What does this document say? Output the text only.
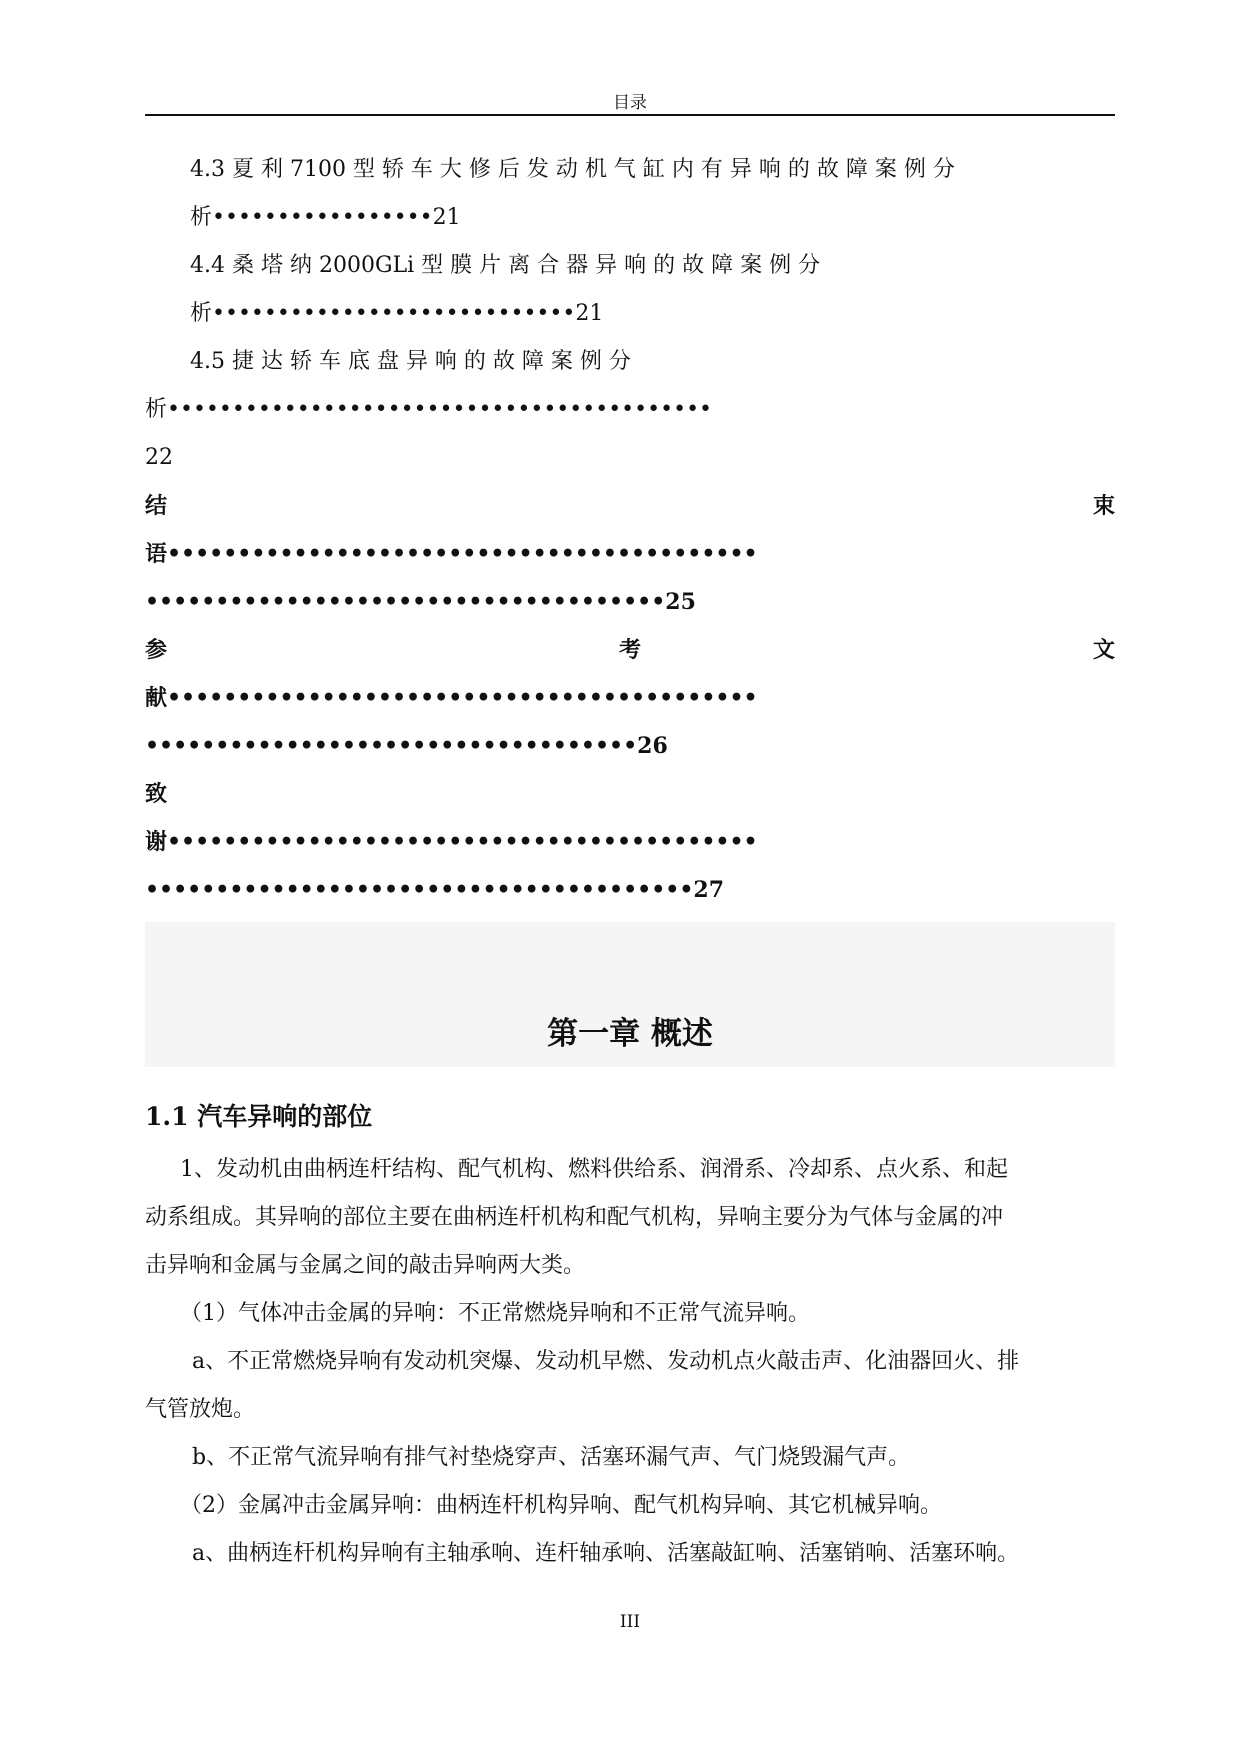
目录
4.3 夏 利 7100 型 轿 车 大 修 后 发 动 机 气 缸 内 有 异 响 的 故 障 案 例 分
析•••••••••••••••••21
4.4 桑 塔 纳 2000GLi 型 膜 片 离 合 器 异 响 的 故 障 案 例 分
析••••••••••••••••••••••••••••21
4.5 捷 达 轿 车 底 盘 异 响 的 故 障 案 例 分
析••••••••••••••••••••••••••••••••••••••••••
22
结 束
语••••••••••••••••••••••••••••••••••••••••••
•••••••••••••••••••••••••••••••••••••25
参 考 文
献••••••••••••••••••••••••••••••••••••••••••
•••••••••••••••••••••••••••••••••••26
致
谢••••••••••••••••••••••••••••••••••••••••••
•••••••••••••••••••••••••••••••••••••••27
第一章 概述
1.1 汽车异响的部位
1、发动机由曲柄连杆结构、配气机构、燃料供给系、润滑系、冷却系、点火系、和起
动系组成。其异响的部位主要在曲柄连杆机构和配气机构，异响主要分为气体与金属的冲
击异响和金属与金属之间的敲击异响两大类。
（1）气体冲击金属的异响：不正常燃烧异响和不正常气流异响。
a、不正常燃烧异响有发动机突爆、发动机早燃、发动机点火敲击声、化油器回火、排
气管放炮。
b、不正常气流异响有排气衬垫烧穿声、活塞环漏气声、气门烧毁漏气声。
（2）金属冲击金属异响：曲柄连杆机构异响、配气机构异响、其它机械异响。
a、曲柄连杆机构异响有主轴承响、连杆轴承响、活塞敲缸响、活塞销响、活塞环响。
III
